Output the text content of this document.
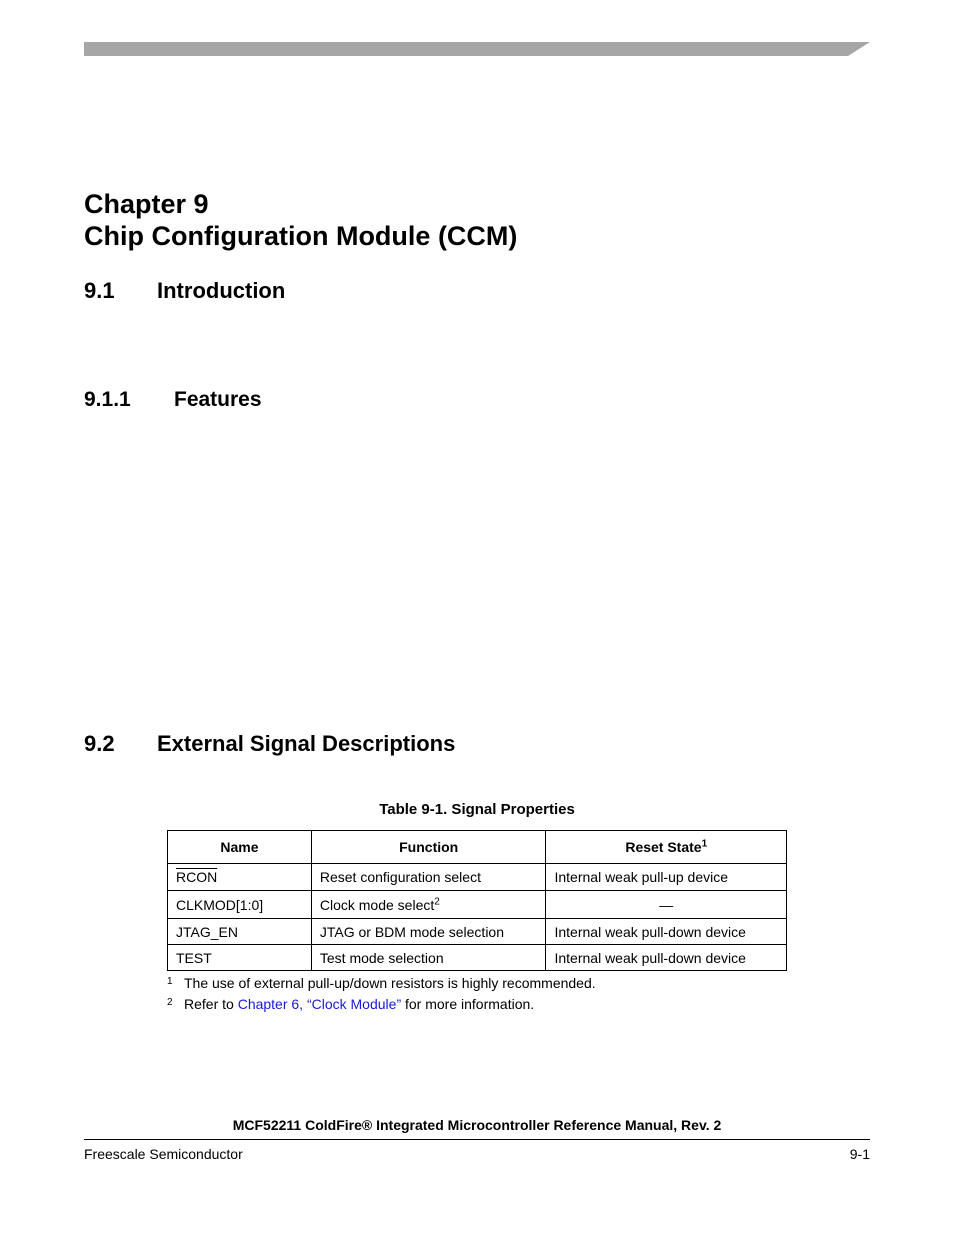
Chapter 9
Chip Configuration Module (CCM)
9.1 Introduction
9.1.1 Features
9.2 External Signal Descriptions
Table 9-1. Signal Properties
Name	Function	Reset State$^1$
RCON	Reset configuration select	Internal weak pull-up device
CLKMOD[1:0]	Clock mode select$^2$	—
JTAG_EN	JTAG or BDM mode selection	Internal weak pull-down device
TEST	Test mode selection	Internal weak pull-down device
1 The use of external pull-up/down resistors is highly recommended.
2 Refer to Chapter 6, “Clock Module” for more information.
MCF52211 ColdFire® Integrated Microcontroller Reference Manual, Rev. 2
Freescale Semiconductor	9-1
